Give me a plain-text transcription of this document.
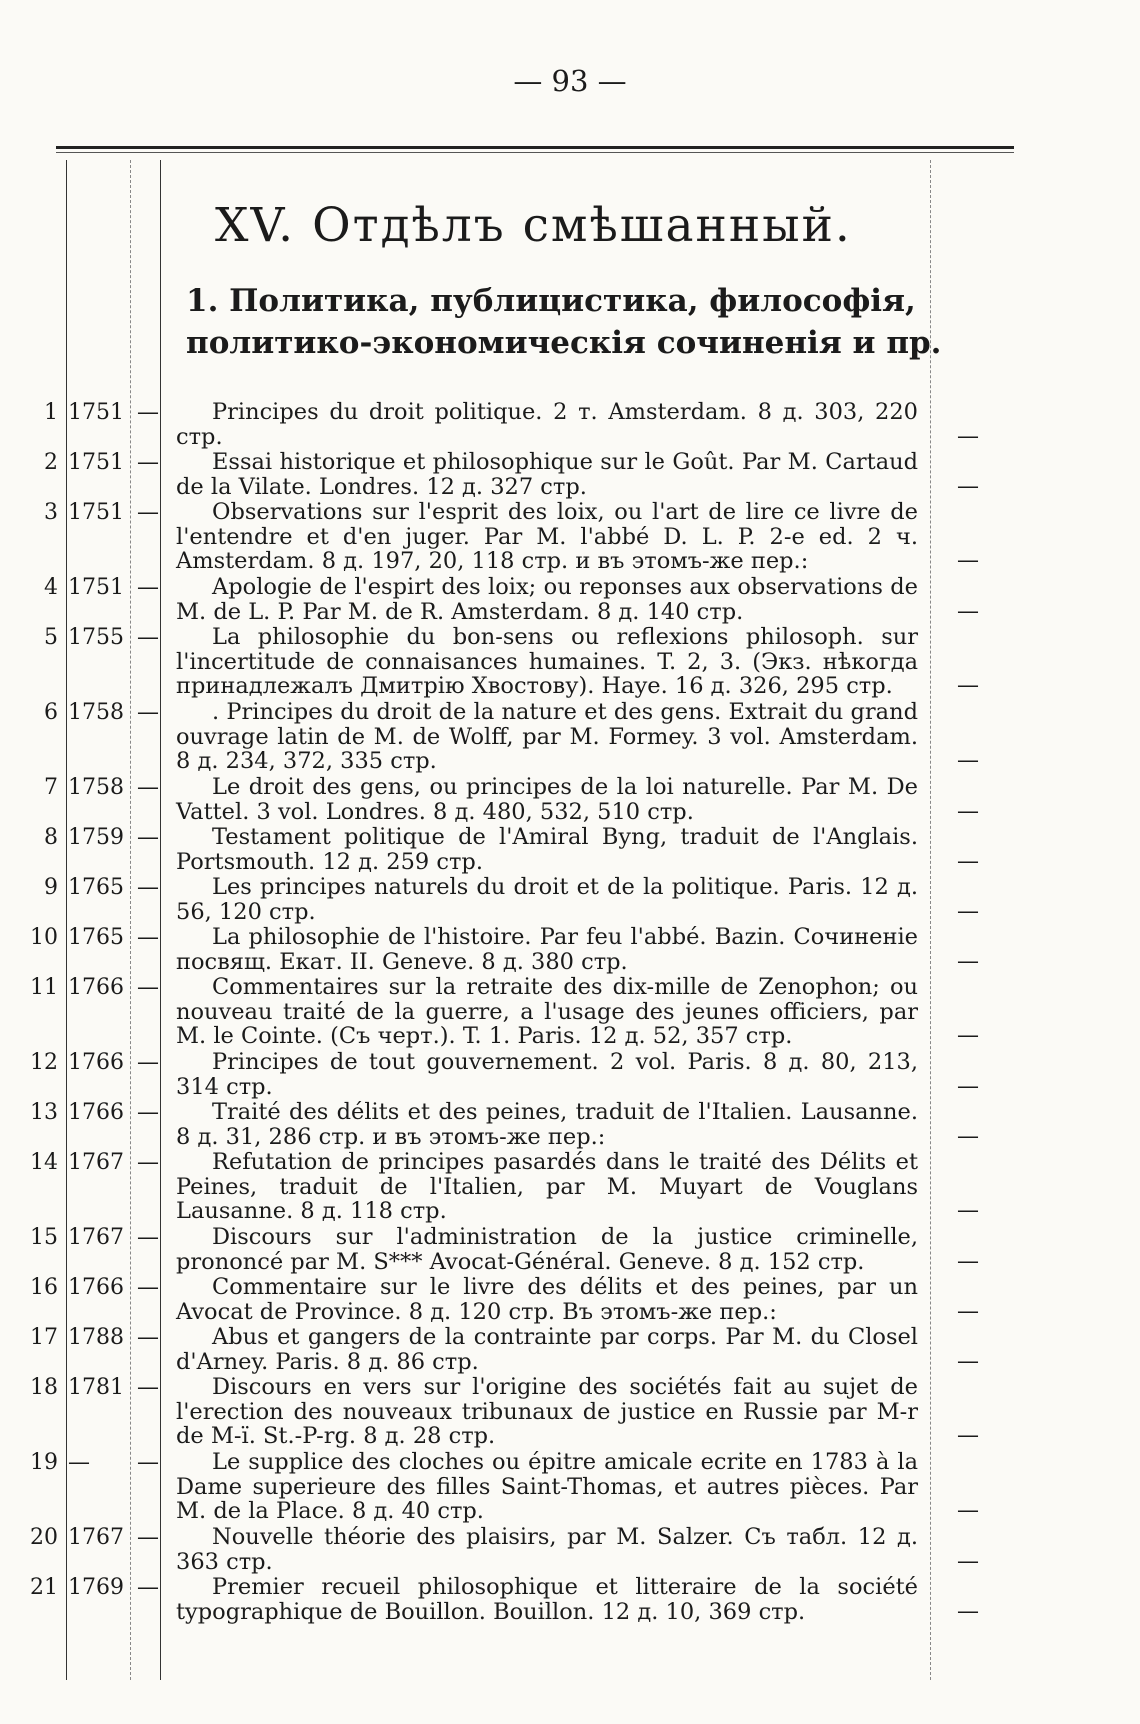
— 93 —
XV. Отдѣлъ смѣшанный.
1. Политика, публицистика, философія, политико-экономическія сочиненія и пр.
1 1751 —	Principes du droit politique. 2 т. Amsterdam. 8 д. 303, 220 стр.	—
2 1751 —	Essai historique et philosophique sur le Goût. Par M. Cartaud de la Vilate. Londres. 12 д. 327 стр.	—
3 1751 —	Observations sur l'esprit des loix, ou l'art de lire ce livre de l'entendre et d'en juger. Par M. l'abbé D. L. P. 2-e ed. 2 ч. Amsterdam. 8 д. 197, 20, 118 стр. и въ этомъ-же пер.:	—
4 1751 —	Apologie de l'espirt des loix; ou reponses aux observations de M. de L. P. Par M. de R. Amsterdam. 8 д. 140 стр.	—
5 1755 —	La philosophie du bon-sens ou reflexions philosoph. sur l'incertitude de connaisances humaines. T. 2, 3. (Экз. нѣкогда принадлежалъ Дмитрію Хвостову). Haye. 16 д. 326, 295 стр.	—
6 1758 —	. Principes du droit de la nature et des gens. Extrait du grand ouvrage latin de M. de Wolff, par M. Formey. 3 vol. Amsterdam. 8 д. 234, 372, 335 стр.	—
7 1758 —	Le droit des gens, ou principes de la loi naturelle. Par M. De Vattel. 3 vol. Londres. 8 д. 480, 532, 510 стр.	—
8 1759 —	Testament politique de l'Amiral Byng, traduit de l'Anglais. Portsmouth. 12 д. 259 стр.	—
9 1765 —	Les principes naturels du droit et de la politique. Paris. 12 д. 56, 120 стр.	—
10 1765 —	La philosophie de l'histoire. Par feu l'abbé. Bazin. Сочиненіе посвящ. Екат. II. Geneve. 8 д. 380 стр.	—
11 1766 —	Commentaires sur la retraite des dix-mille de Zenophon; ou nouveau traité de la guerre, a l'usage des jeunes officiers, par M. le Cointe. (Съ черт.). T. 1. Paris. 12 д. 52, 357 стр.	—
12 1766 —	Principes de tout gouvernement. 2 vol. Paris. 8 д. 80, 213, 314 стр.	—
13 1766 —	Traité des délits et des peines, traduit de l'Italien. Lausanne. 8 д. 31, 286 стр. и въ этомъ-же пер.:	—
14 1767 —	Refutation de principes pasardés dans le traité des Délits et Peines, traduit de l'Italien, par M. Muyart de Vouglans Lausanne. 8 д. 118 стр.	—
15 1767 —	Discours sur l'administration de la justice criminelle, prononcé par M. S*** Avocat-Général. Geneve. 8 д. 152 стр.	—
16 1766 —	Commentaire sur le livre des délits et des peines, par un Avocat de Province. 8 д. 120 стр. Въ этомъ-же пер.:	—
17 1788 —	Abus et gangers de la contrainte par corps. Par M. du Closel d'Arney. Paris. 8 д. 86 стр.	—
18 1781 —	Discours en vers sur l'origine des sociétés fait au sujet de l'erection des nouveaux tribunaux de justice en Russie par M-r de M-ï. St.-P-rg. 8 д. 28 стр.	—
19 —	—	Le supplice des cloches ou épitre amicale ecrite en 1783 à la Dame superieure des filles Saint-Thomas, et autres pièces. Par M. de la Place. 8 д. 40 стр.	—
20 1767 —	Nouvelle théorie des plaisirs, par M. Salzer. Съ табл. 12 д. 363 стр.	—
21 1769 —	Premier recueil philosophique et litteraire de la société typographique de Bouillon. Bouillon. 12 д. 10, 369 стр.	—
